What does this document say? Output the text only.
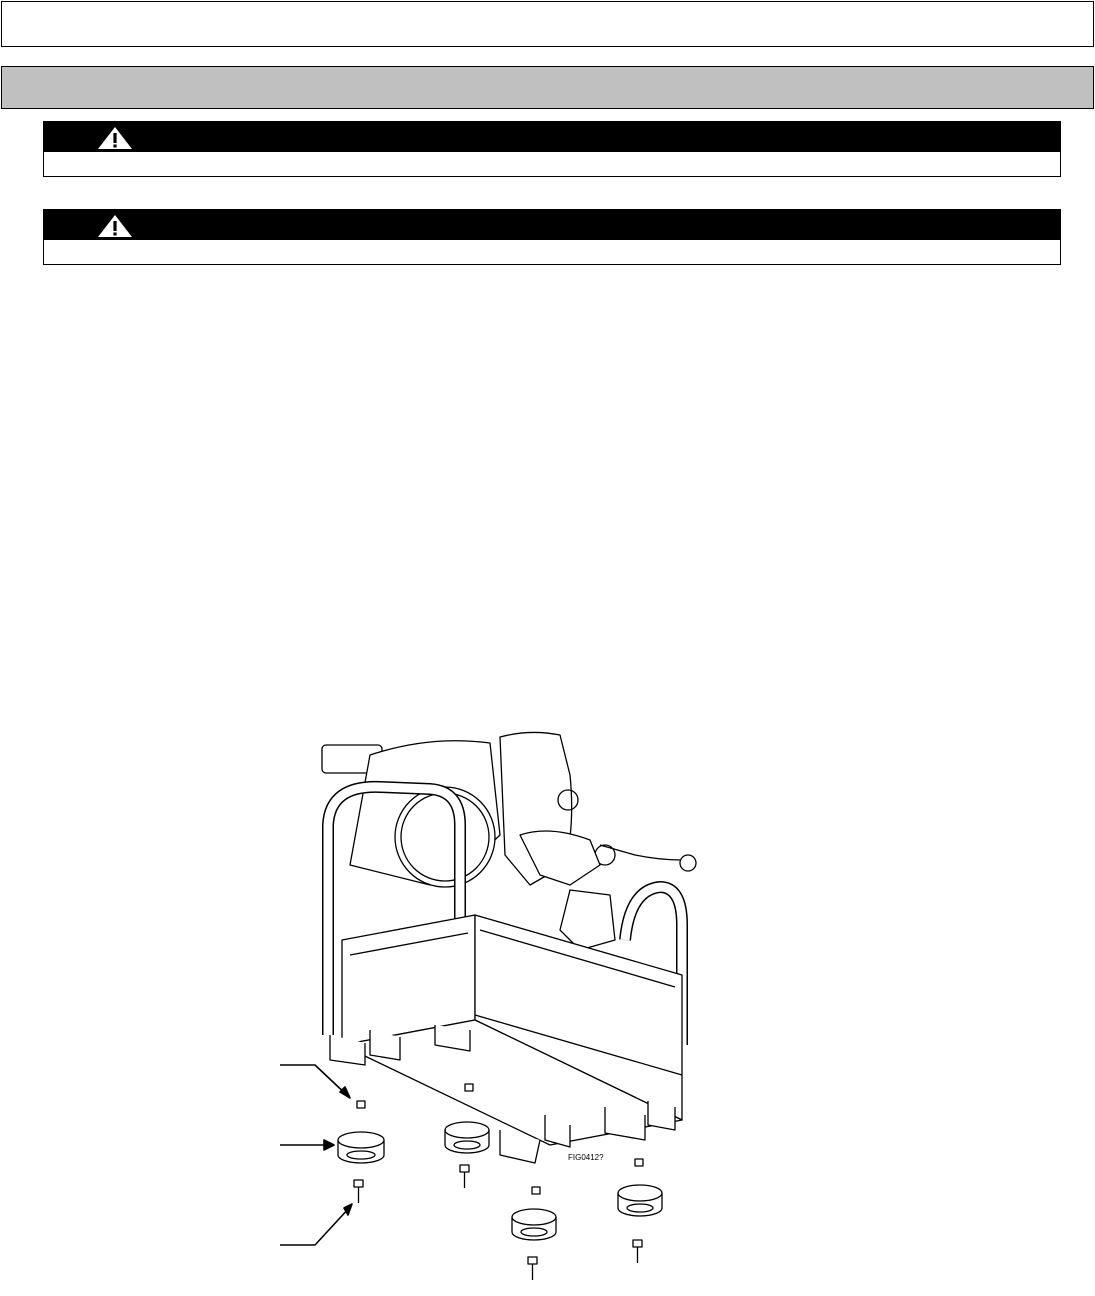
FIG0412?
